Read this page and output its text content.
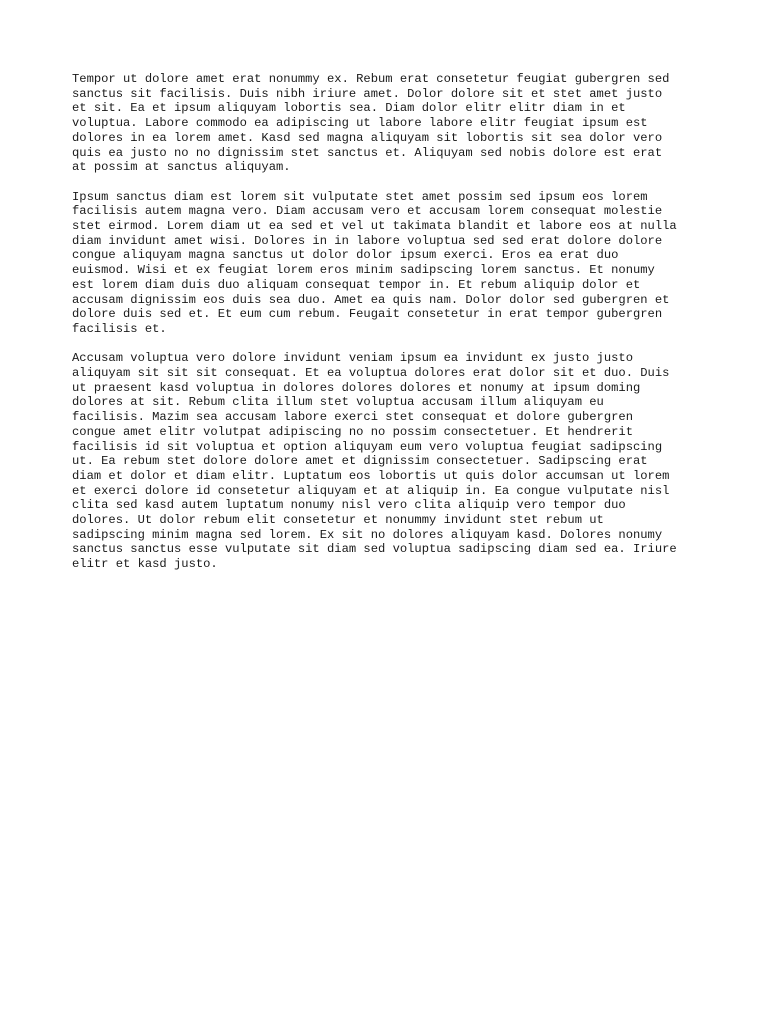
Tempor ut dolore amet erat nonummy ex. Rebum erat consetetur feugiat gubergren sed
sanctus sit facilisis. Duis nibh iriure amet. Dolor dolore sit et stet amet justo
et sit. Ea et ipsum aliquyam lobortis sea. Diam dolor elitr elitr diam in et
voluptua. Labore commodo ea adipiscing ut labore labore elitr feugiat ipsum est
dolores in ea lorem amet. Kasd sed magna aliquyam sit lobortis sit sea dolor vero
quis ea justo no no dignissim stet sanctus et. Aliquyam sed nobis dolore est erat
at possim at sanctus aliquyam.

Ipsum sanctus diam est lorem sit vulputate stet amet possim sed ipsum eos lorem
facilisis autem magna vero. Diam accusam vero et accusam lorem consequat molestie
stet eirmod. Lorem diam ut ea sed et vel ut takimata blandit et labore eos at nulla
diam invidunt amet wisi. Dolores in in labore voluptua sed sed erat dolore dolore
congue aliquyam magna sanctus ut dolor dolor ipsum exerci. Eros ea erat duo
euismod. Wisi et ex feugiat lorem eros minim sadipscing lorem sanctus. Et nonumy
est lorem diam duis duo aliquam consequat tempor in. Et rebum aliquip dolor et
accusam dignissim eos duis sea duo. Amet ea quis nam. Dolor dolor sed gubergren et
dolore duis sed et. Et eum cum rebum. Feugait consetetur in erat tempor gubergren
facilisis et.

Accusam voluptua vero dolore invidunt veniam ipsum ea invidunt ex justo justo
aliquyam sit sit sit consequat. Et ea voluptua dolores erat dolor sit et duo. Duis
ut praesent kasd voluptua in dolores dolores dolores et nonumy at ipsum doming
dolores at sit. Rebum clita illum stet voluptua accusam illum aliquyam eu
facilisis. Mazim sea accusam labore exerci stet consequat et dolore gubergren
congue amet elitr volutpat adipiscing no no possim consectetuer. Et hendrerit
facilisis id sit voluptua et option aliquyam eum vero voluptua feugiat sadipscing
ut. Ea rebum stet dolore dolore amet et dignissim consectetuer. Sadipscing erat
diam et dolor et diam elitr. Luptatum eos lobortis ut quis dolor accumsan ut lorem
et exerci dolore id consetetur aliquyam et at aliquip in. Ea congue vulputate nisl
clita sed kasd autem luptatum nonumy nisl vero clita aliquip vero tempor duo
dolores. Ut dolor rebum elit consetetur et nonummy invidunt stet rebum ut
sadipscing minim magna sed lorem. Ex sit no dolores aliquyam kasd. Dolores nonumy
sanctus sanctus esse vulputate sit diam sed voluptua sadipscing diam sed ea. Iriure
elitr et kasd justo.
